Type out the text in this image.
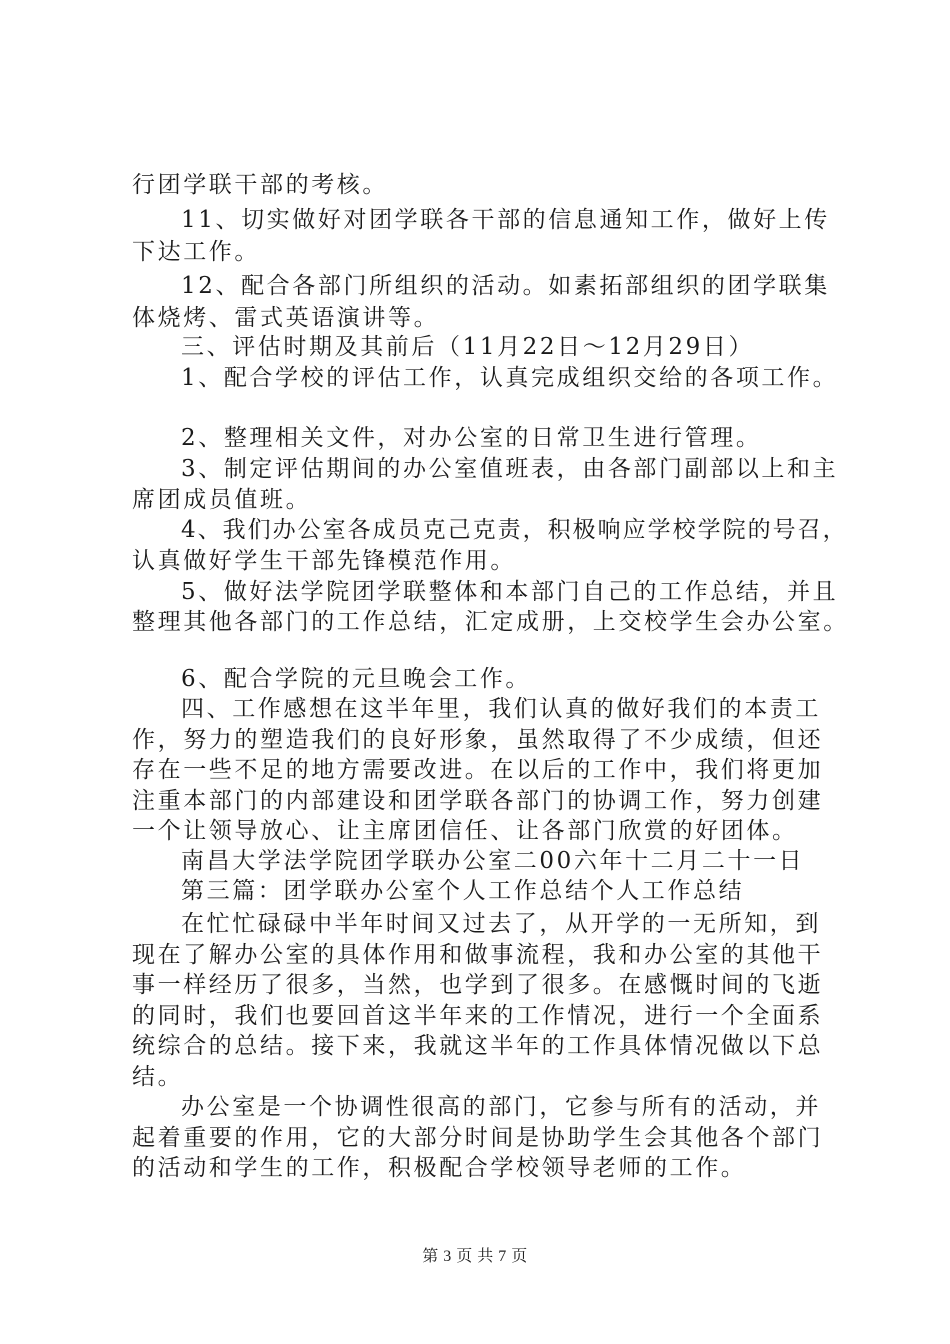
行团学联干部的考核。
11、切实做好对团学联各干部的信息通知工作，做好上传
下达工作。
12、配合各部门所组织的活动。如素拓部组织的团学联集
体烧烤、雷式英语演讲等。
三、评估时期及其前后（11月22日～12月29日）
1、配合学校的评估工作，认真完成组织交给的各项工作。
2、整理相关文件，对办公室的日常卫生进行管理。
3、制定评估期间的办公室值班表，由各部门副部以上和主
席团成员值班。
4、我们办公室各成员克己克责，积极响应学校学院的号召，
认真做好学生干部先锋模范作用。
5、做好法学院团学联整体和本部门自己的工作总结，并且
整理其他各部门的工作总结，汇定成册，上交校学生会办公室。
6、配合学院的元旦晚会工作。
四、工作感想在这半年里，我们认真的做好我们的本责工
作，努力的塑造我们的良好形象，虽然取得了不少成绩，但还
存在一些不足的地方需要改进。在以后的工作中，我们将更加
注重本部门的内部建设和团学联各部门的协调工作，努力创建
一个让领导放心、让主席团信任、让各部门欣赏的好团体。
南昌大学法学院团学联办公室二00六年十二月二十一日
第三篇：团学联办公室个人工作总结个人工作总结
在忙忙碌碌中半年时间又过去了，从开学的一无所知，到
现在了解办公室的具体作用和做事流程，我和办公室的其他干
事一样经历了很多，当然，也学到了很多。在感慨时间的飞逝
的同时，我们也要回首这半年来的工作情况，进行一个全面系
统综合的总结。接下来，我就这半年的工作具体情况做以下总
结。
办公室是一个协调性很高的部门，它参与所有的活动，并
起着重要的作用，它的大部分时间是协助学生会其他各个部门
的活动和学生的工作，积极配合学校领导老师的工作。
第 3 页 共 7 页
